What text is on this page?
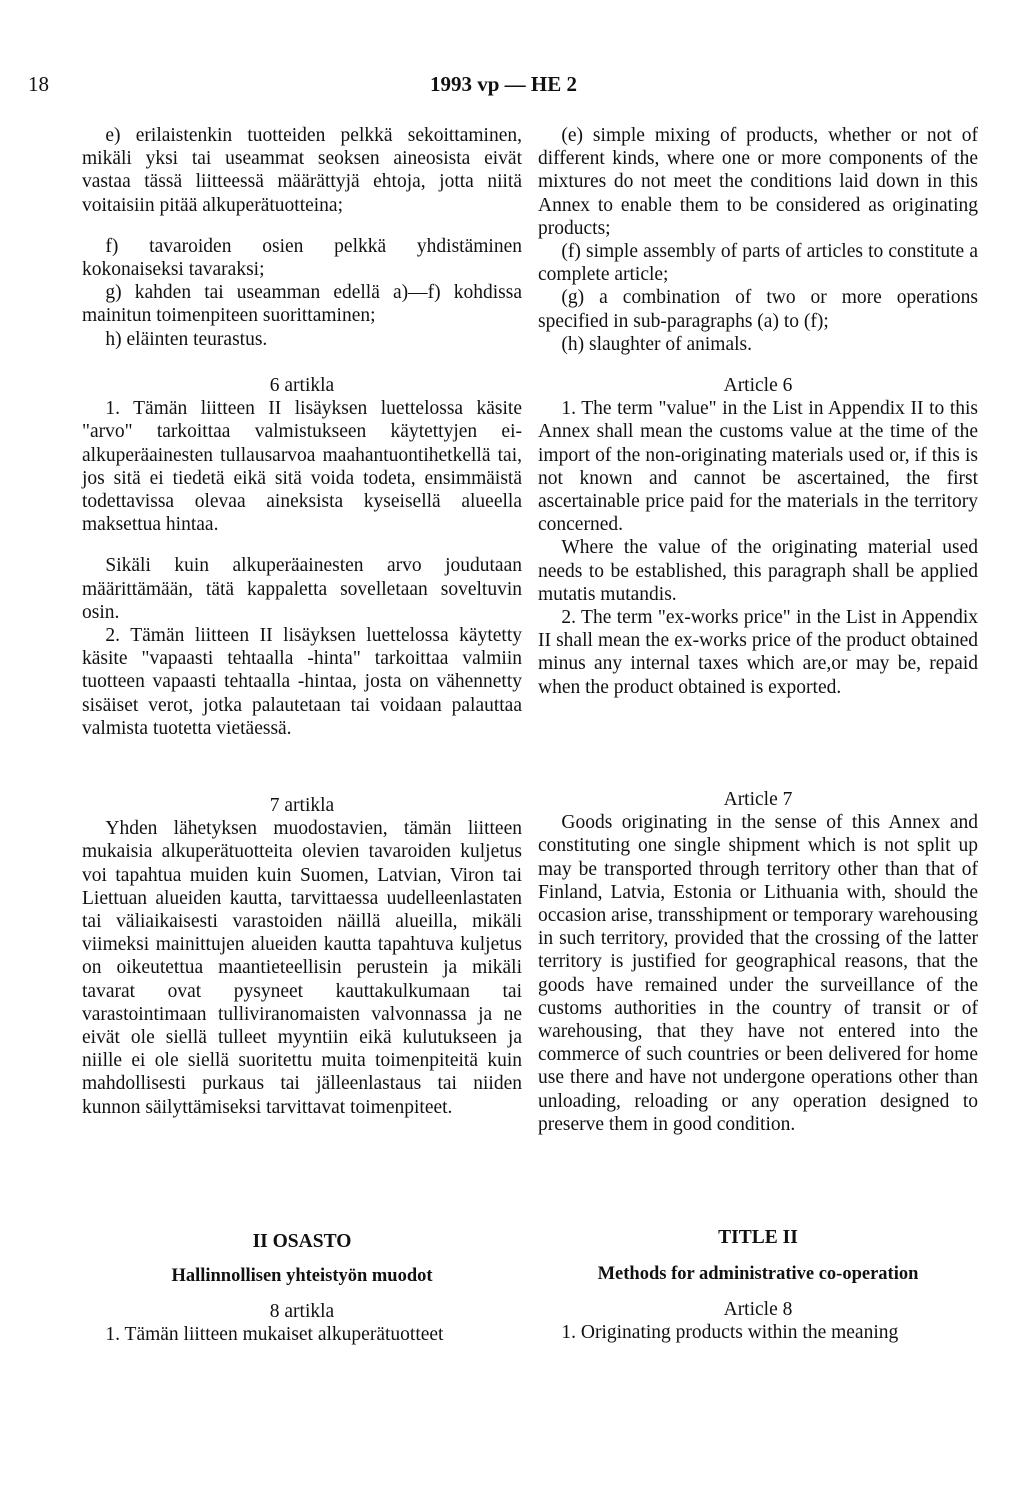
18	1993 vp — HE 2

e) erilaistenkin tuotteiden pelkkä sekoittaminen, mikäli yksi tai useammat seoksen aineosista eivät vastaa tässä liitteessä määrättyjä ehtoja, jotta niitä voitaisiin pitää alkuperätuotteina;

f) tavaroiden osien pelkkä yhdistäminen kokonaiseksi tavaraksi;

g) kahden tai useamman edellä a)—f) kohdissa mainitun toimenpiteen suorittaminen;

h) eläinten teurastus.

6 artikla

1. Tämän liitteen II lisäyksen luettelossa käsite "arvo" tarkoittaa valmistukseen käytettyjen ei-alkuperäainesten tullausarvoa maahantuontihetkellä tai, jos sitä ei tiedetä eikä sitä voida todeta, ensimmäistä todettavissa olevaa aineksista kyseisellä alueella maksettua hintaa.

Sikäli kuin alkuperäainesten arvo joudutaan määrittämään, tätä kappaletta sovelletaan soveltuvin osin.

2. Tämän liitteen II lisäyksen luettelossa käytetty käsite "vapaasti tehtaalla -hinta" tarkoittaa valmiin tuotteen vapaasti tehtaalla -hintaa, josta on vähennetty sisäiset verot, jotka palautetaan tai voidaan palauttaa valmista tuotetta vietäessä.

7 artikla

Yhden lähetyksen muodostavien, tämän liitteen mukaisia alkuperätuotteita olevien tavaroiden kuljetus voi tapahtua muiden kuin Suomen, Latvian, Viron tai Liettuan alueiden kautta, tarvittaessa uudelleenlastaten tai väliaikaisesti varastoiden näillä alueilla, mikäli viimeksi mainittujen alueiden kautta tapahtuva kuljetus on oikeutettua maantieteellisin perustein ja mikäli tavarat ovat pysyneet kauttakulkumaan tai varastointimaan tulliviranomaisten valvonnassa ja ne eivät ole siellä tulleet myyntiin eikä kulutukseen ja niille ei ole siellä suoritettu muita toimenpiteitä kuin mahdollisesti purkaus tai jälleenlastaus tai niiden kunnon säilyttämiseksi tarvittavat toimenpiteet.

II OSASTO
Hallinnollisen yhteistyön muodot

8 artikla

1. Tämän liitteen mukaiset alkuperätuotteet

(e) simple mixing of products, whether or not of different kinds, where one or more components of the mixtures do not meet the conditions laid down in this Annex to enable them to be considered as originating products;

(f) simple assembly of parts of articles to constitute a complete article;

(g) a combination of two or more operations specified in sub-paragraphs (a) to (f);

(h) slaughter of animals.

Article 6

1. The term "value" in the List in Appendix II to this Annex shall mean the customs value at the time of the import of the non-originating materials used or, if this is not known and cannot be ascertained, the first ascertainable price paid for the materials in the territory concerned.

Where the value of the originating material used needs to be established, this paragraph shall be applied mutatis mutandis.

2. The term "ex-works price" in the List in Appendix II shall mean the ex-works price of the product obtained minus any internal taxes which are,or may be, repaid when the product obtained is exported.

Article 7

Goods originating in the sense of this Annex and constituting one single shipment which is not split up may be transported through territory other than that of Finland, Latvia, Estonia or Lithuania with, should the occasion arise, transshipment or temporary warehousing in such territory, provided that the crossing of the latter territory is justified for geographical reasons, that the goods have remained under the surveillance of the customs authorities in the country of transit or of warehousing, that they have not entered into the commerce of such countries or been delivered for home use there and have not undergone operations other than unloading, reloading or any operation designed to preserve them in good condition.

TITLE II
Methods for administrative co-operation

Article 8

1. Originating products within the meaning
